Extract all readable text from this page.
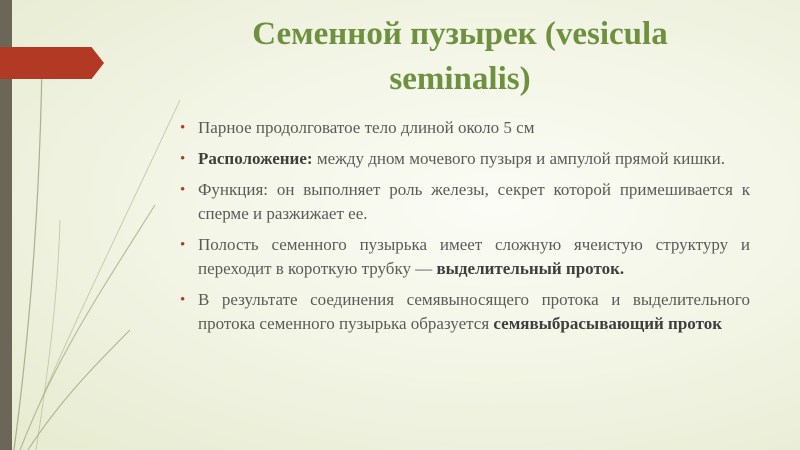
Семенной пузырек (vesicula
seminalis)
• Парное продолговатое тело длиной около 5 см
• Расположение: между дном мочевого пузыря и ампулой прямой кишки.
• Функция: он выполняет роль железы, секрет которой примешивается к сперме и разжижает ее.
• Полость семенного пузырька имеет сложную ячеистую структуру и переходит в короткую трубку — выделительный проток.
• В результате соединения семявыносящего протока и выделительного протока семенного пузырька образуется семявыбрасывающий проток
